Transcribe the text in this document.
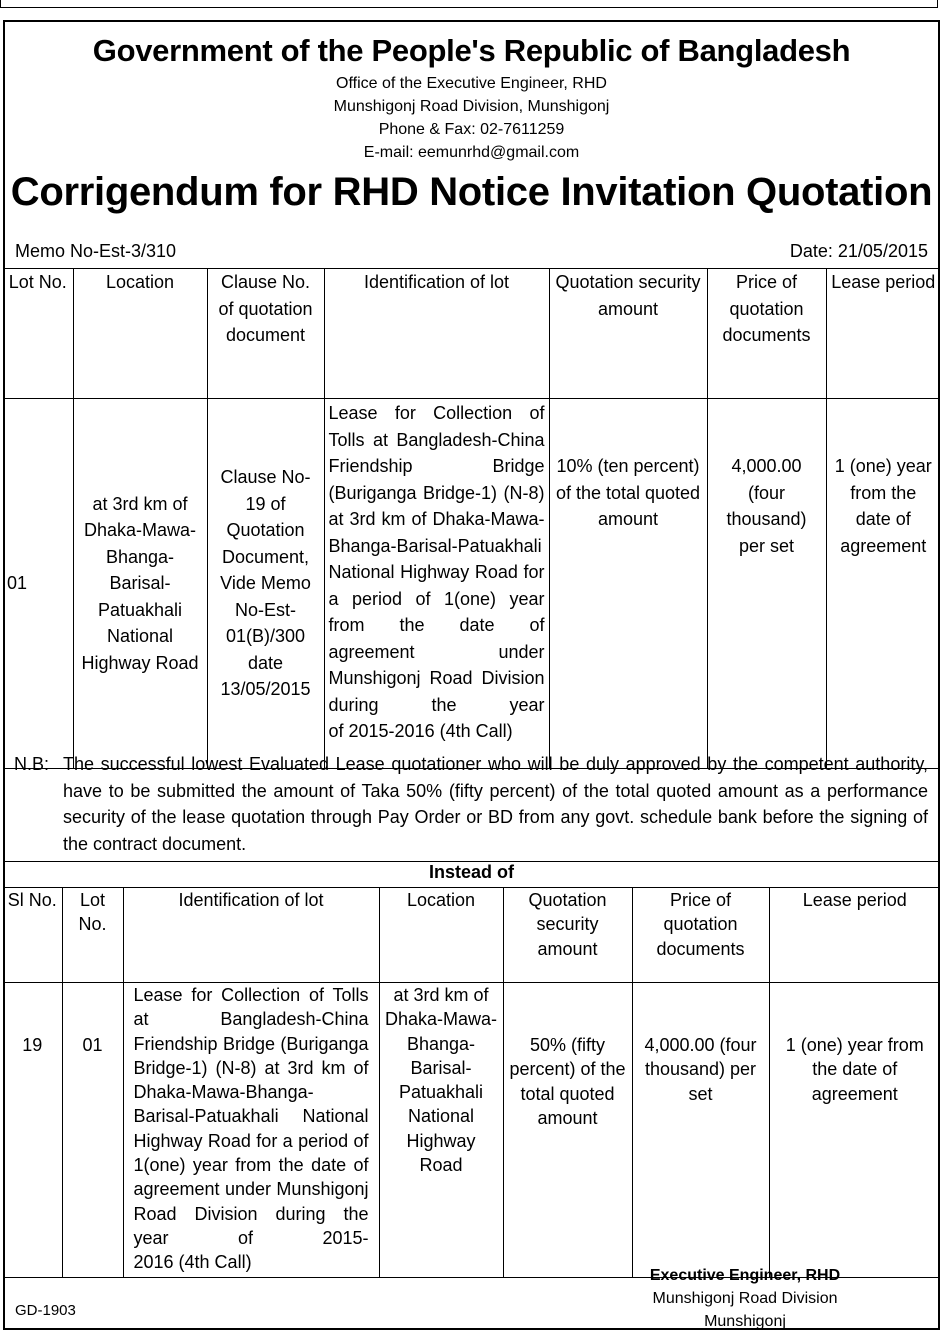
Government of the People's Republic of Bangladesh
Office of the Executive Engineer, RHD
Munshigonj Road Division, Munshigonj
Phone & Fax: 02-7611259
E-mail: eemunrhd@gmail.com
Corrigendum for RHD Notice Invitation Quotation
Memo No-Est-3/310	Date: 21/05/2015
Lot No.	Location	Clause No. of quotation document	Identification of lot	Quotation security amount	Price of quotation documents	Lease period
01	at 3rd km of Dhaka-Mawa-Bhanga-Barisal-Patuakhali National Highway Road	Clause No-19 of Quotation Document, Vide Memo No-Est-01(B)/300 date 13/05/2015	Lease for Collection of Tolls at Bangladesh-China Friendship Bridge (Buriganga Bridge-1) (N-8) at 3rd km of Dhaka-Mawa-Bhanga-Barisal-Patuakhali National Highway Road for a period of 1(one) year from the date of agreement under Munshigonj Road Division during the year
of 2015-2016 (4th Call)	10% (ten percent) of the total quoted amount	4,000.00 (four thousand) per set	1 (one) year from the date of agreement
N.B: The successful lowest Evaluated Lease quotationer who will be duly approved by the competent authority, have to be submitted the amount of Taka 50% (fifty percent) of the total quoted amount as a performance security of the lease quotation through Pay Order or BD from any govt. schedule bank before the signing of
the contract document.
Instead of
Sl No.	Lot No.	Identification of lot	Location	Quotation security amount	Price of quotation documents	Lease period
19	01	Lease for Collection of Tolls at Bangladesh-China Friendship Bridge (Buriganga Bridge-1) (N-8) at 3rd km of Dhaka-Mawa-Bhanga-Barisal-Patuakhali National Highway Road for a period of 1(one) year from the date of agreement under Munshigonj Road Division during the year of 2015-
2016 (4th Call)	at 3rd km of Dhaka-Mawa-Bhanga-Barisal-Patuakhali National Highway Road	50% (fifty percent) of the total quoted amount	4,000.00 (four thousand) per set	1 (one) year from the date of agreement
Executive Engineer, RHD
Munshigonj Road Division
Munshigonj
GD-1903
